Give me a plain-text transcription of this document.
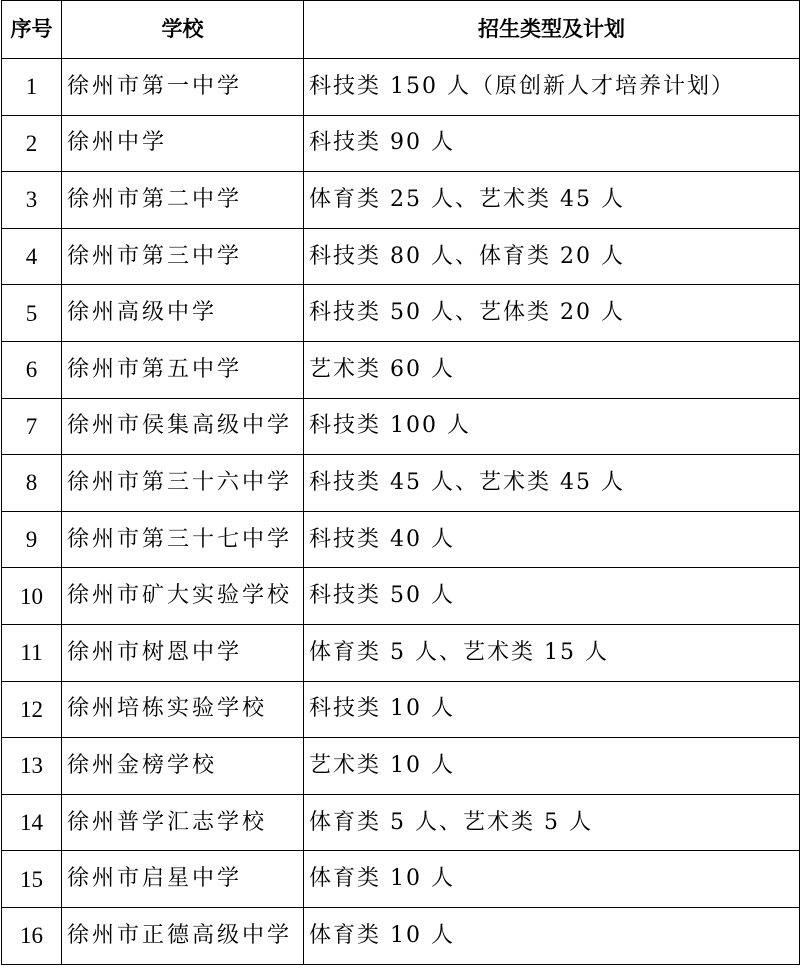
序号	学校	招生类型及计划
1	徐州市第一中学	科技类 150 人（原创新人才培养计划）
2	徐州中学	科技类 90 人
3	徐州市第二中学	体育类 25 人、艺术类 45 人
4	徐州市第三中学	科技类 80 人、体育类 20 人
5	徐州高级中学	科技类 50 人、艺体类 20 人
6	徐州市第五中学	艺术类 60 人
7	徐州市侯集高级中学	科技类 100 人
8	徐州市第三十六中学	科技类 45 人、艺术类 45 人
9	徐州市第三十七中学	科技类 40 人
10	徐州市矿大实验学校	科技类 50 人
11	徐州市树恩中学	体育类 5 人、艺术类 15 人
12	徐州培栋实验学校	科技类 10 人
13	徐州金榜学校	艺术类 10 人
14	徐州普学汇志学校	体育类 5 人、艺术类 5 人
15	徐州市启星中学	体育类 10 人
16	徐州市正德高级中学	体育类 10 人
